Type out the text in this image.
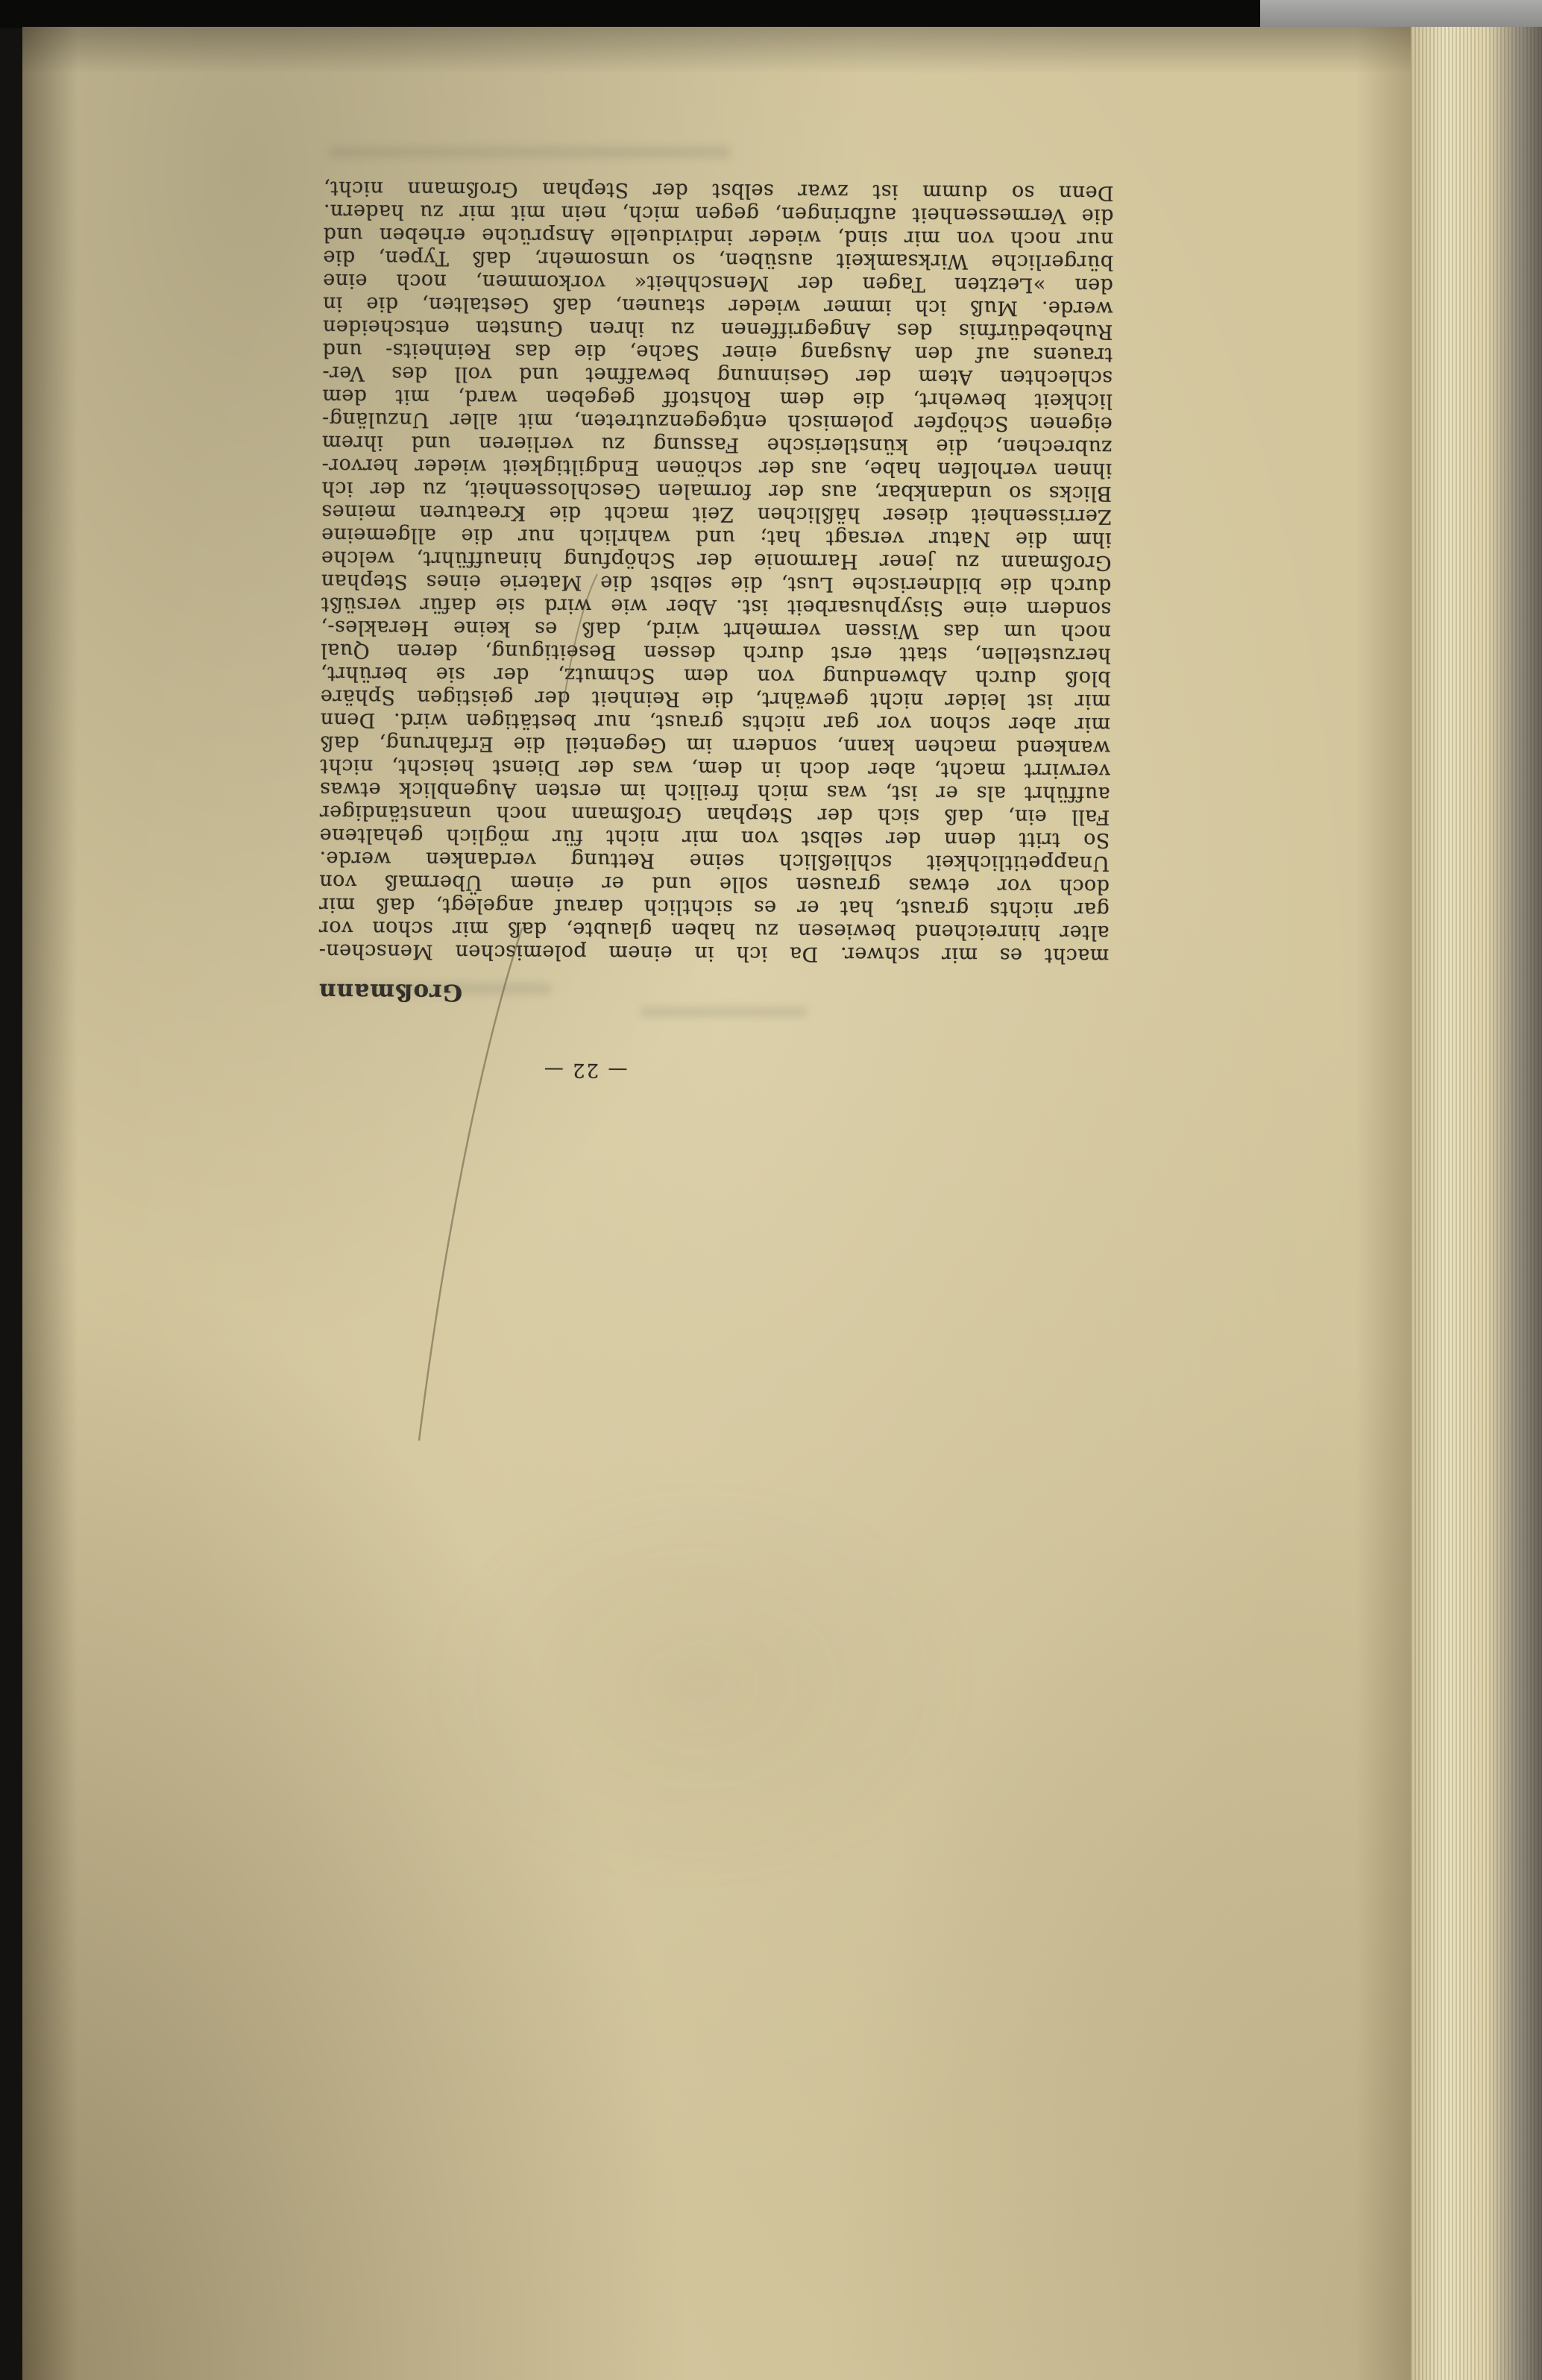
— 22 —
Großmann
macht es mir schwer. Da ich in einem polemischen Menschen-
alter hinreichend bewiesen zu haben glaubte, daß mir schon vor
gar nichts graust, hat er es sichtlich darauf angelegt, daß mir
doch vor etwas grausen solle und er einem Übermaß von
Unappetitlichkeit schließlich seine Rettung verdanken werde.
So tritt denn der selbst von mir nicht für möglich gehaltene
Fall ein, daß sich der Stephan Großmann noch unanständiger
aufführt als er ist, was mich freilich im ersten Augenblick etwas
verwirrt macht, aber doch in dem, was der Dienst heischt, nicht
wankend machen kann, sondern im Gegenteil die Erfahrung, daß
mir aber schon vor gar nichts graust, nur bestätigen wird. Denn
mir ist leider nicht gewährt, die Reinheit der geistigen Sphäre
bloß durch Abwendung von dem Schmutz, der sie berührt,
herzustellen, statt erst durch dessen Beseitigung, deren Qual
noch um das Wissen vermehrt wird, daß es keine Herakles-,
sondern eine Sisyphusarbeit ist. Aber wie wird sie dafür versüßt
durch die bildnerische Lust, die selbst die Materie eines Stephan
Großmann zu jener Harmonie der Schöpfung hinaufführt, welche
ihm die Natur versagt hat; und wahrlich nur die allgemeine
Zerrissenheit dieser häßlichen Zeit macht die Kreaturen meines
Blicks so undankbar, aus der formalen Geschlossenheit, zu der ich
ihnen verholfen habe, aus der schönen Endgiltigkeit wieder hervor-
zubrechen, die künstlerische Fassung zu verlieren und ihrem
eigenen Schöpfer polemisch entgegenzutreten, mit aller Unzuläng-
lichkeit bewehrt, die dem Rohstoff gegeben ward, mit dem
schlechten Atem der Gesinnung bewaffnet und voll des Ver-
trauens auf den Ausgang einer Sache, die das Reinheits- und
Ruhebedürfnis des Angegriffenen zu ihren Gunsten entscheiden
werde. Muß ich immer wieder staunen, daß Gestalten, die in
den »Letzten Tagen der Menschheit« vorkommen, noch eine
bürgerliche Wirksamkeit ausüben, so umsomehr, daß Typen, die
nur noch von mir sind, wieder individuelle Ansprüche erheben und
die Vermessenheit aufbringen, gegen mich, nein mit mir zu hadern.
Denn so dumm ist zwar selbst der Stephan Großmann nicht,
